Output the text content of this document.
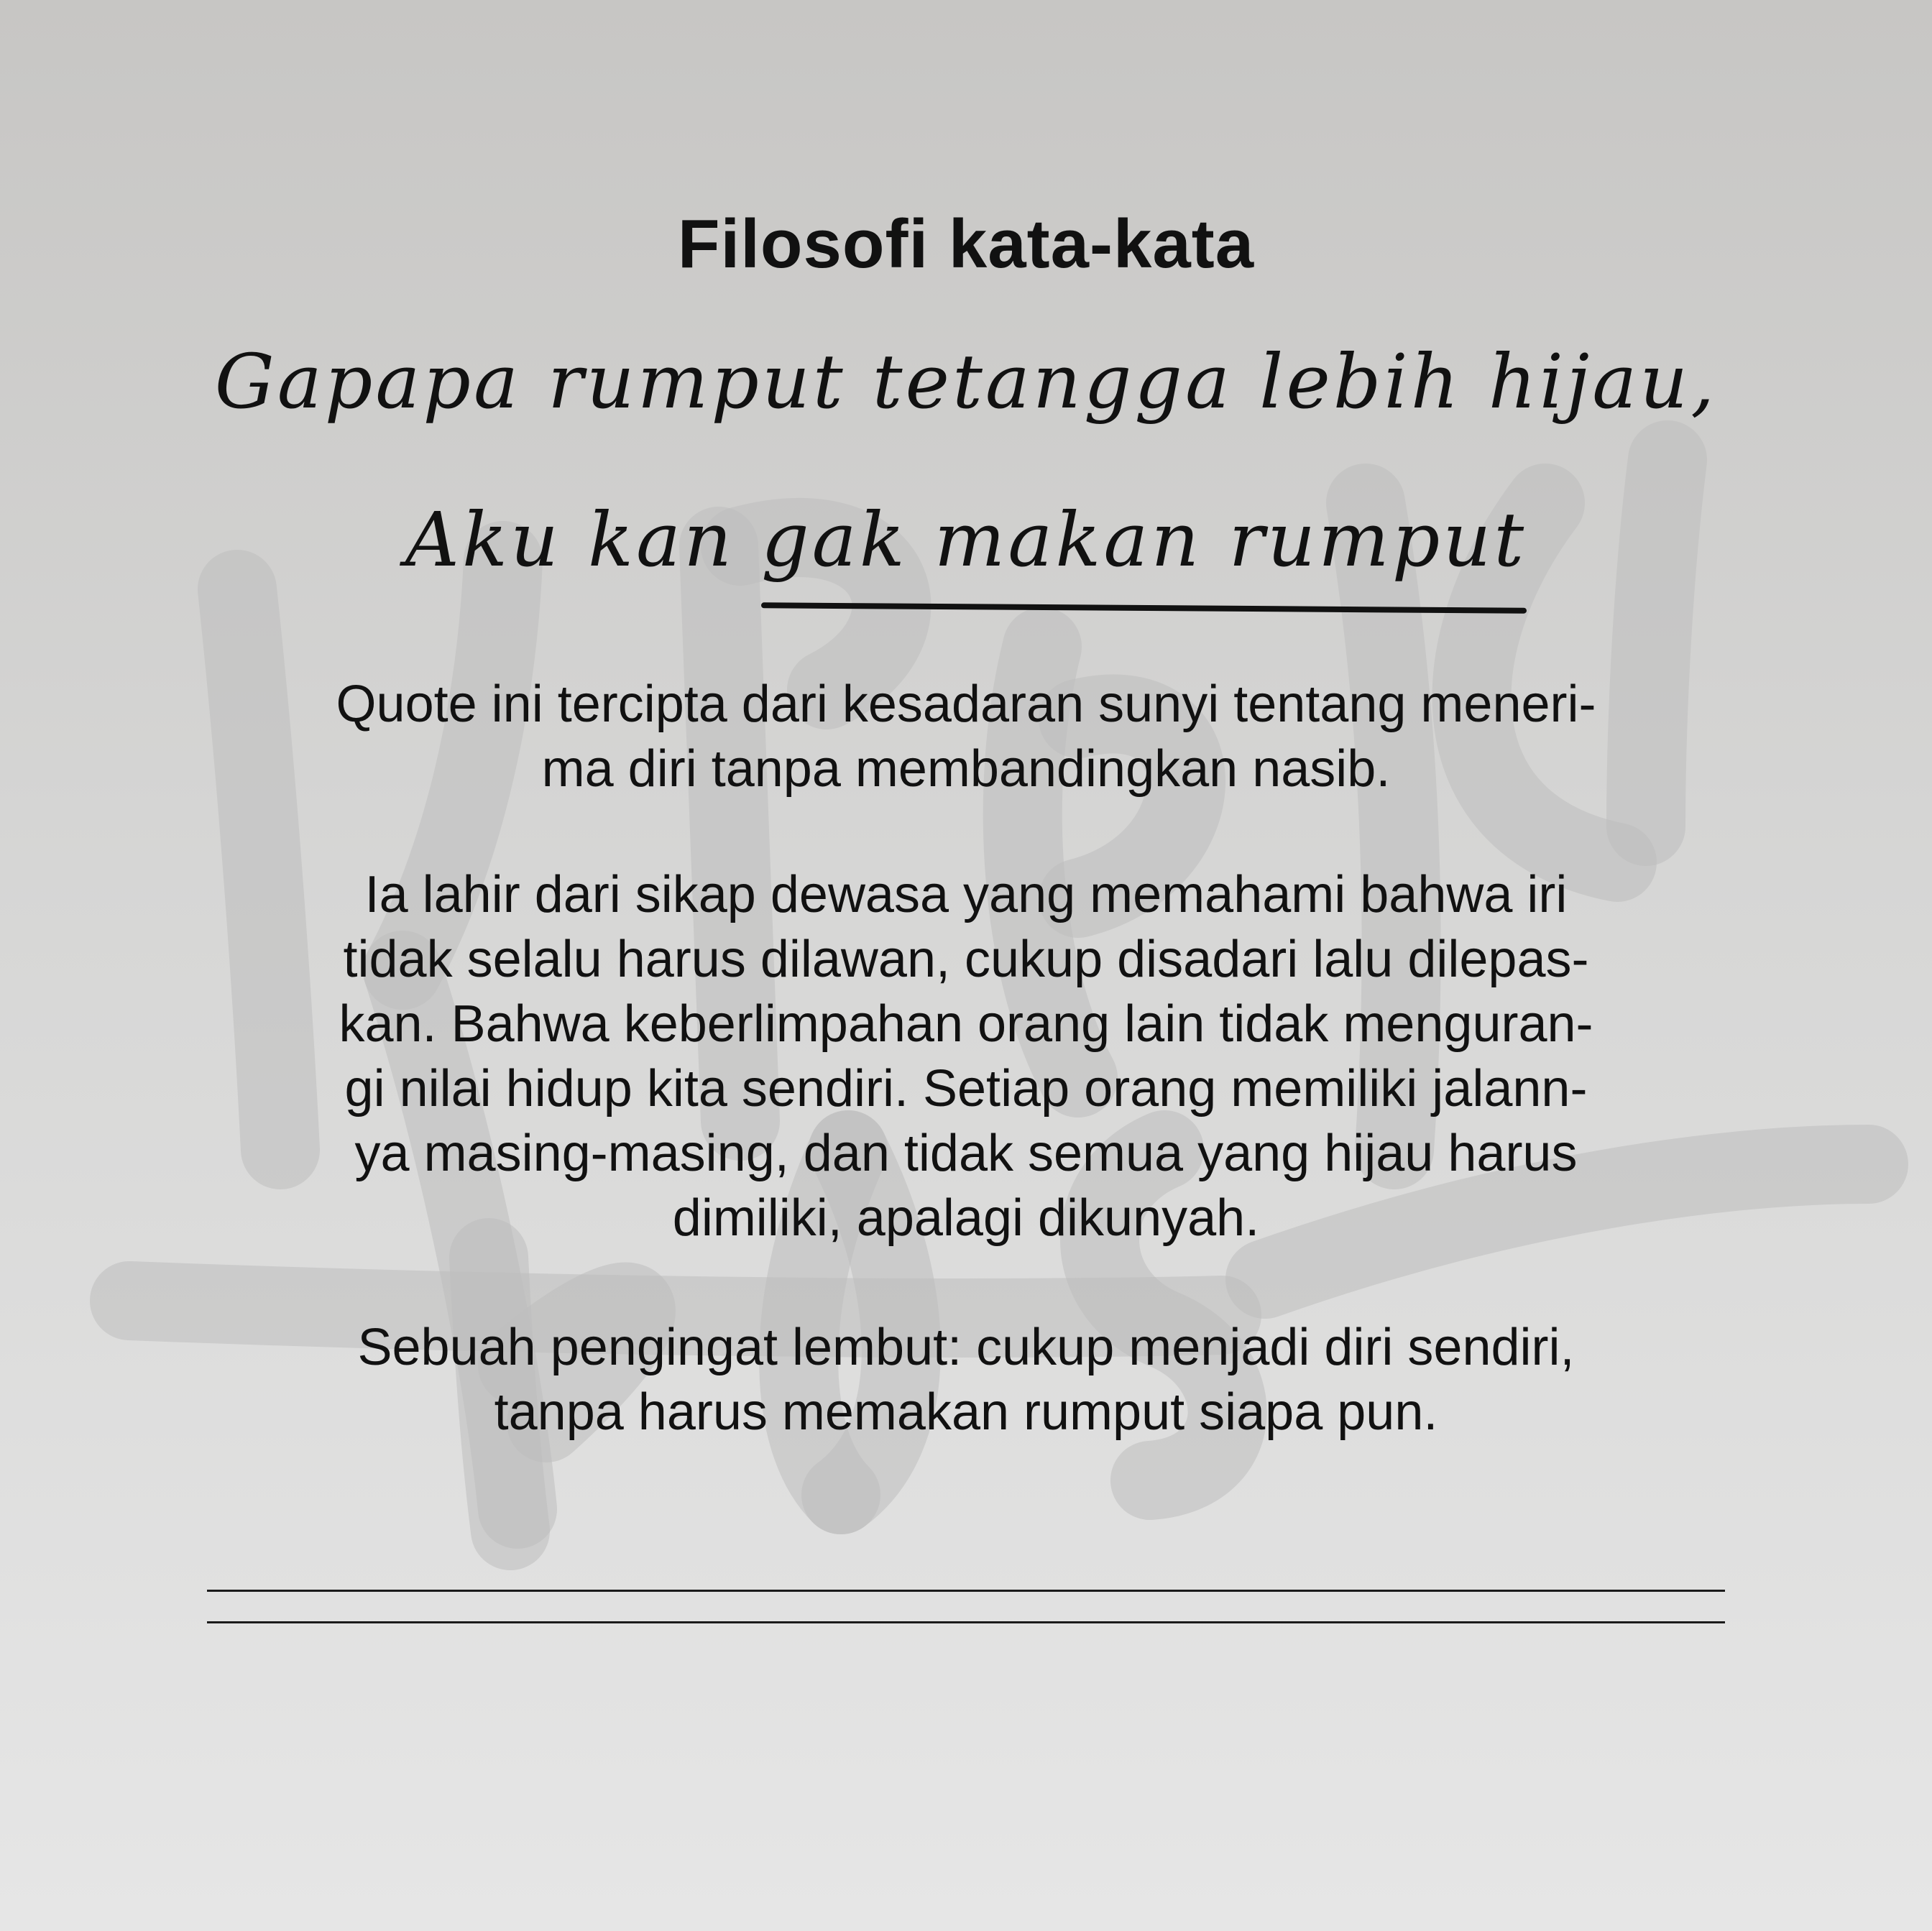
Filosofi kata-kata
Gapapa rumput tetangga lebih hijau,
Aku kan gak makan rumput
Quote ini tercipta dari kesadaran sunyi tentang meneri-
ma diri tanpa membandingkan nasib.
Ia lahir dari sikap dewasa yang memahami bahwa iri
tidak selalu harus dilawan, cukup disadari lalu dilepas-
kan. Bahwa keberlimpahan orang lain tidak menguran-
gi nilai hidup kita sendiri. Setiap orang memiliki jalann-
ya masing-masing, dan tidak semua yang hijau harus
dimiliki, apalagi dikunyah.
Sebuah pengingat lembut: cukup menjadi diri sendiri,
tanpa harus memakan rumput siapa pun.
